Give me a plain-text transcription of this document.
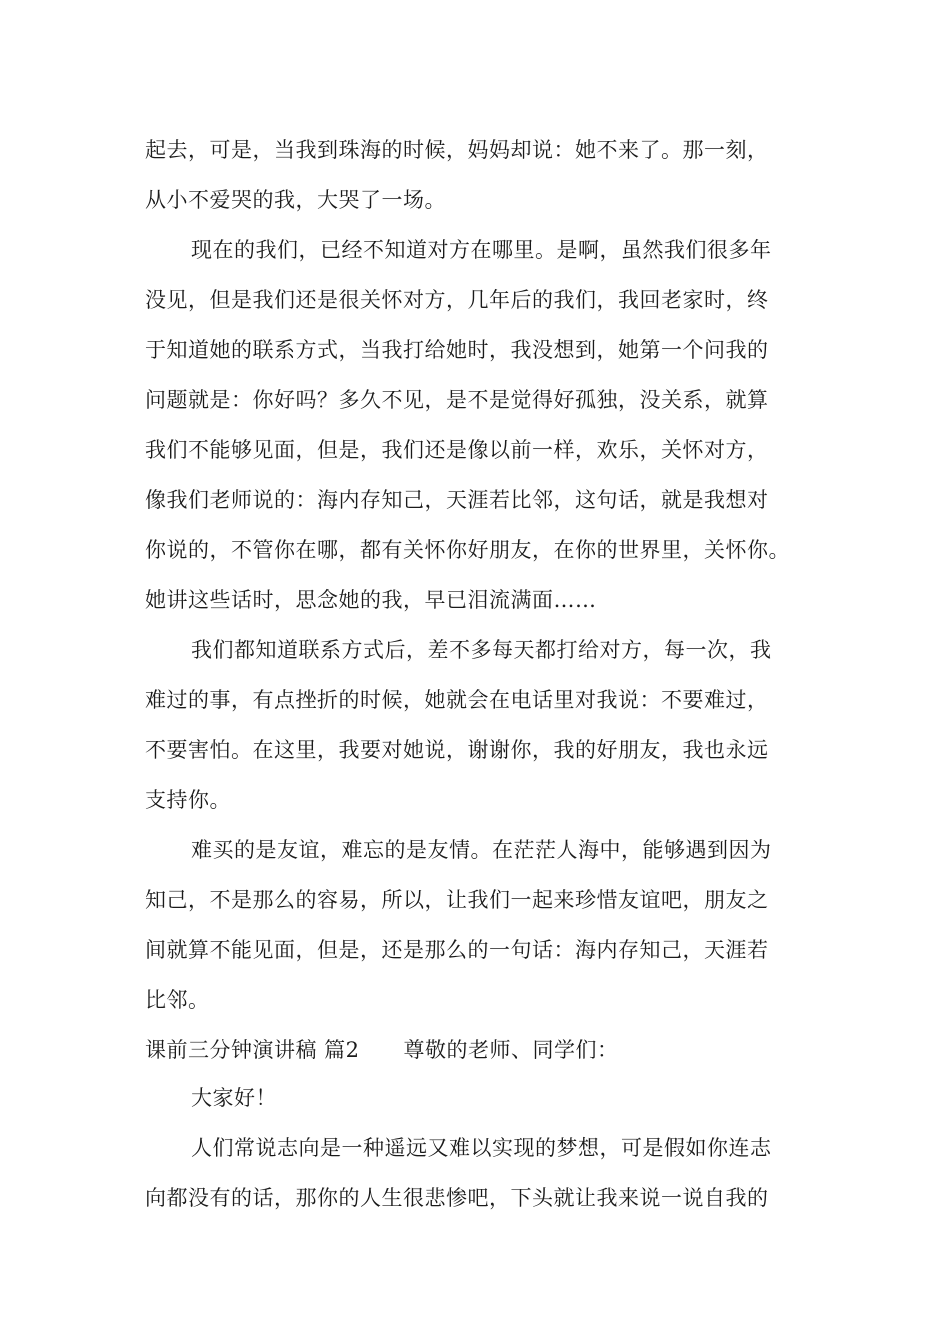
起去，可是，当我到珠海的时候，妈妈却说：她不来了。那一刻，
从小不爱哭的我，大哭了一场。
现在的我们，已经不知道对方在哪里。是啊，虽然我们很多年
没见，但是我们还是很关怀对方，几年后的我们，我回老家时，终
于知道她的联系方式，当我打给她时，我没想到，她第一个问我的
问题就是：你好吗？多久不见，是不是觉得好孤独，没关系，就算
我们不能够见面，但是，我们还是像以前一样，欢乐，关怀对方，
像我们老师说的：海内存知己，天涯若比邻，这句话，就是我想对
你说的，不管你在哪，都有关怀你好朋友，在你的世界里，关怀你。
她讲这些话时，思念她的我，早已泪流满面……
我们都知道联系方式后，差不多每天都打给对方，每一次，我
难过的事，有点挫折的时候，她就会在电话里对我说：不要难过，
不要害怕。在这里，我要对她说，谢谢你，我的好朋友，我也永远
支持你。
难买的是友谊，难忘的是友情。在茫茫人海中，能够遇到因为
知己，不是那么的容易，所以，让我们一起来珍惜友谊吧，朋友之
间就算不能见面，但是，还是那么的一句话：海内存知己，天涯若
比邻。
课前三分钟演讲稿 篇2 尊敬的老师、同学们：
大家好！
人们常说志向是一种遥远又难以实现的梦想，可是假如你连志
向都没有的话，那你的人生很悲惨吧，下头就让我来说一说自我的
